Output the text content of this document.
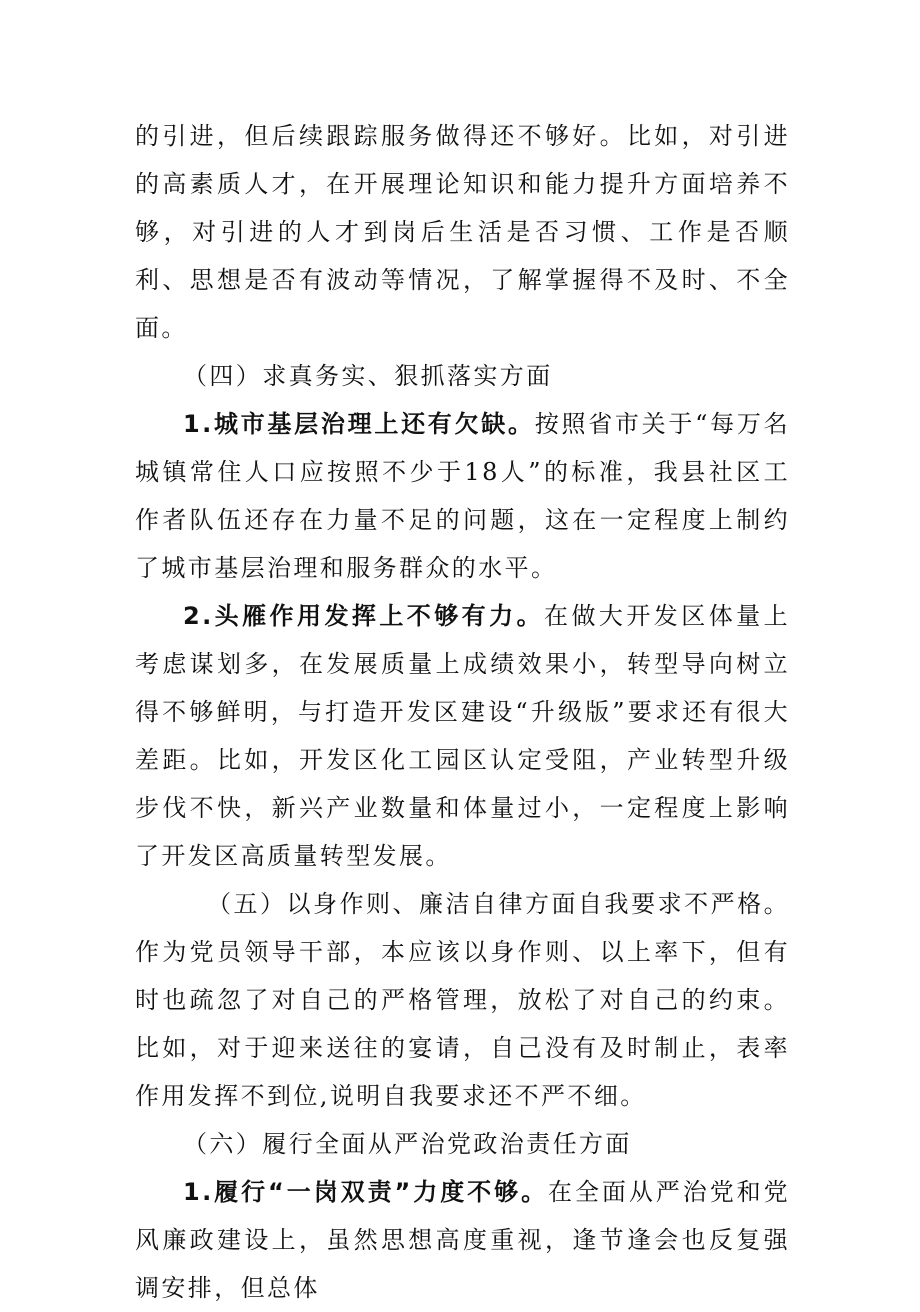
的引进，但后续跟踪服务做得还不够好。比如，对引进的高素质人才，在开展理论知识和能力提升方面培养不够，对引进的人才到岗后生活是否习惯、工作是否顺利、思想是否有波动等情况，了解掌握得不及时、不全面。

（四）求真务实、狠抓落实方面

1.城市基层治理上还有欠缺。按照省市关于“每万名城镇常住人口应按照不少于18人”的标准，我县社区工作者队伍还存在力量不足的问题，这在一定程度上制约了城市基层治理和服务群众的水平。

2.头雁作用发挥上不够有力。在做大开发区体量上考虑谋划多，在发展质量上成绩效果小，转型导向树立得不够鲜明，与打造开发区建设“升级版”要求还有很大差距。比如，开发区化工园区认定受阻，产业转型升级步伐不快，新兴产业数量和体量过小，一定程度上影响了开发区高质量转型发展。

（五）以身作则、廉洁自律方面自我要求不严格。作为党员领导干部，本应该以身作则、以上率下，但有时也疏忽了对自己的严格管理，放松了对自己的约束。比如，对于迎来送往的宴请，自己没有及时制止，表率作用发挥不到位,说明自我要求还不严不细。

（六）履行全面从严治党政治责任方面

1.履行“一岗双责”力度不够。在全面从严治党和党风廉政建设上，虽然思想高度重视，逢节逢会也反复强调安排，但总体
